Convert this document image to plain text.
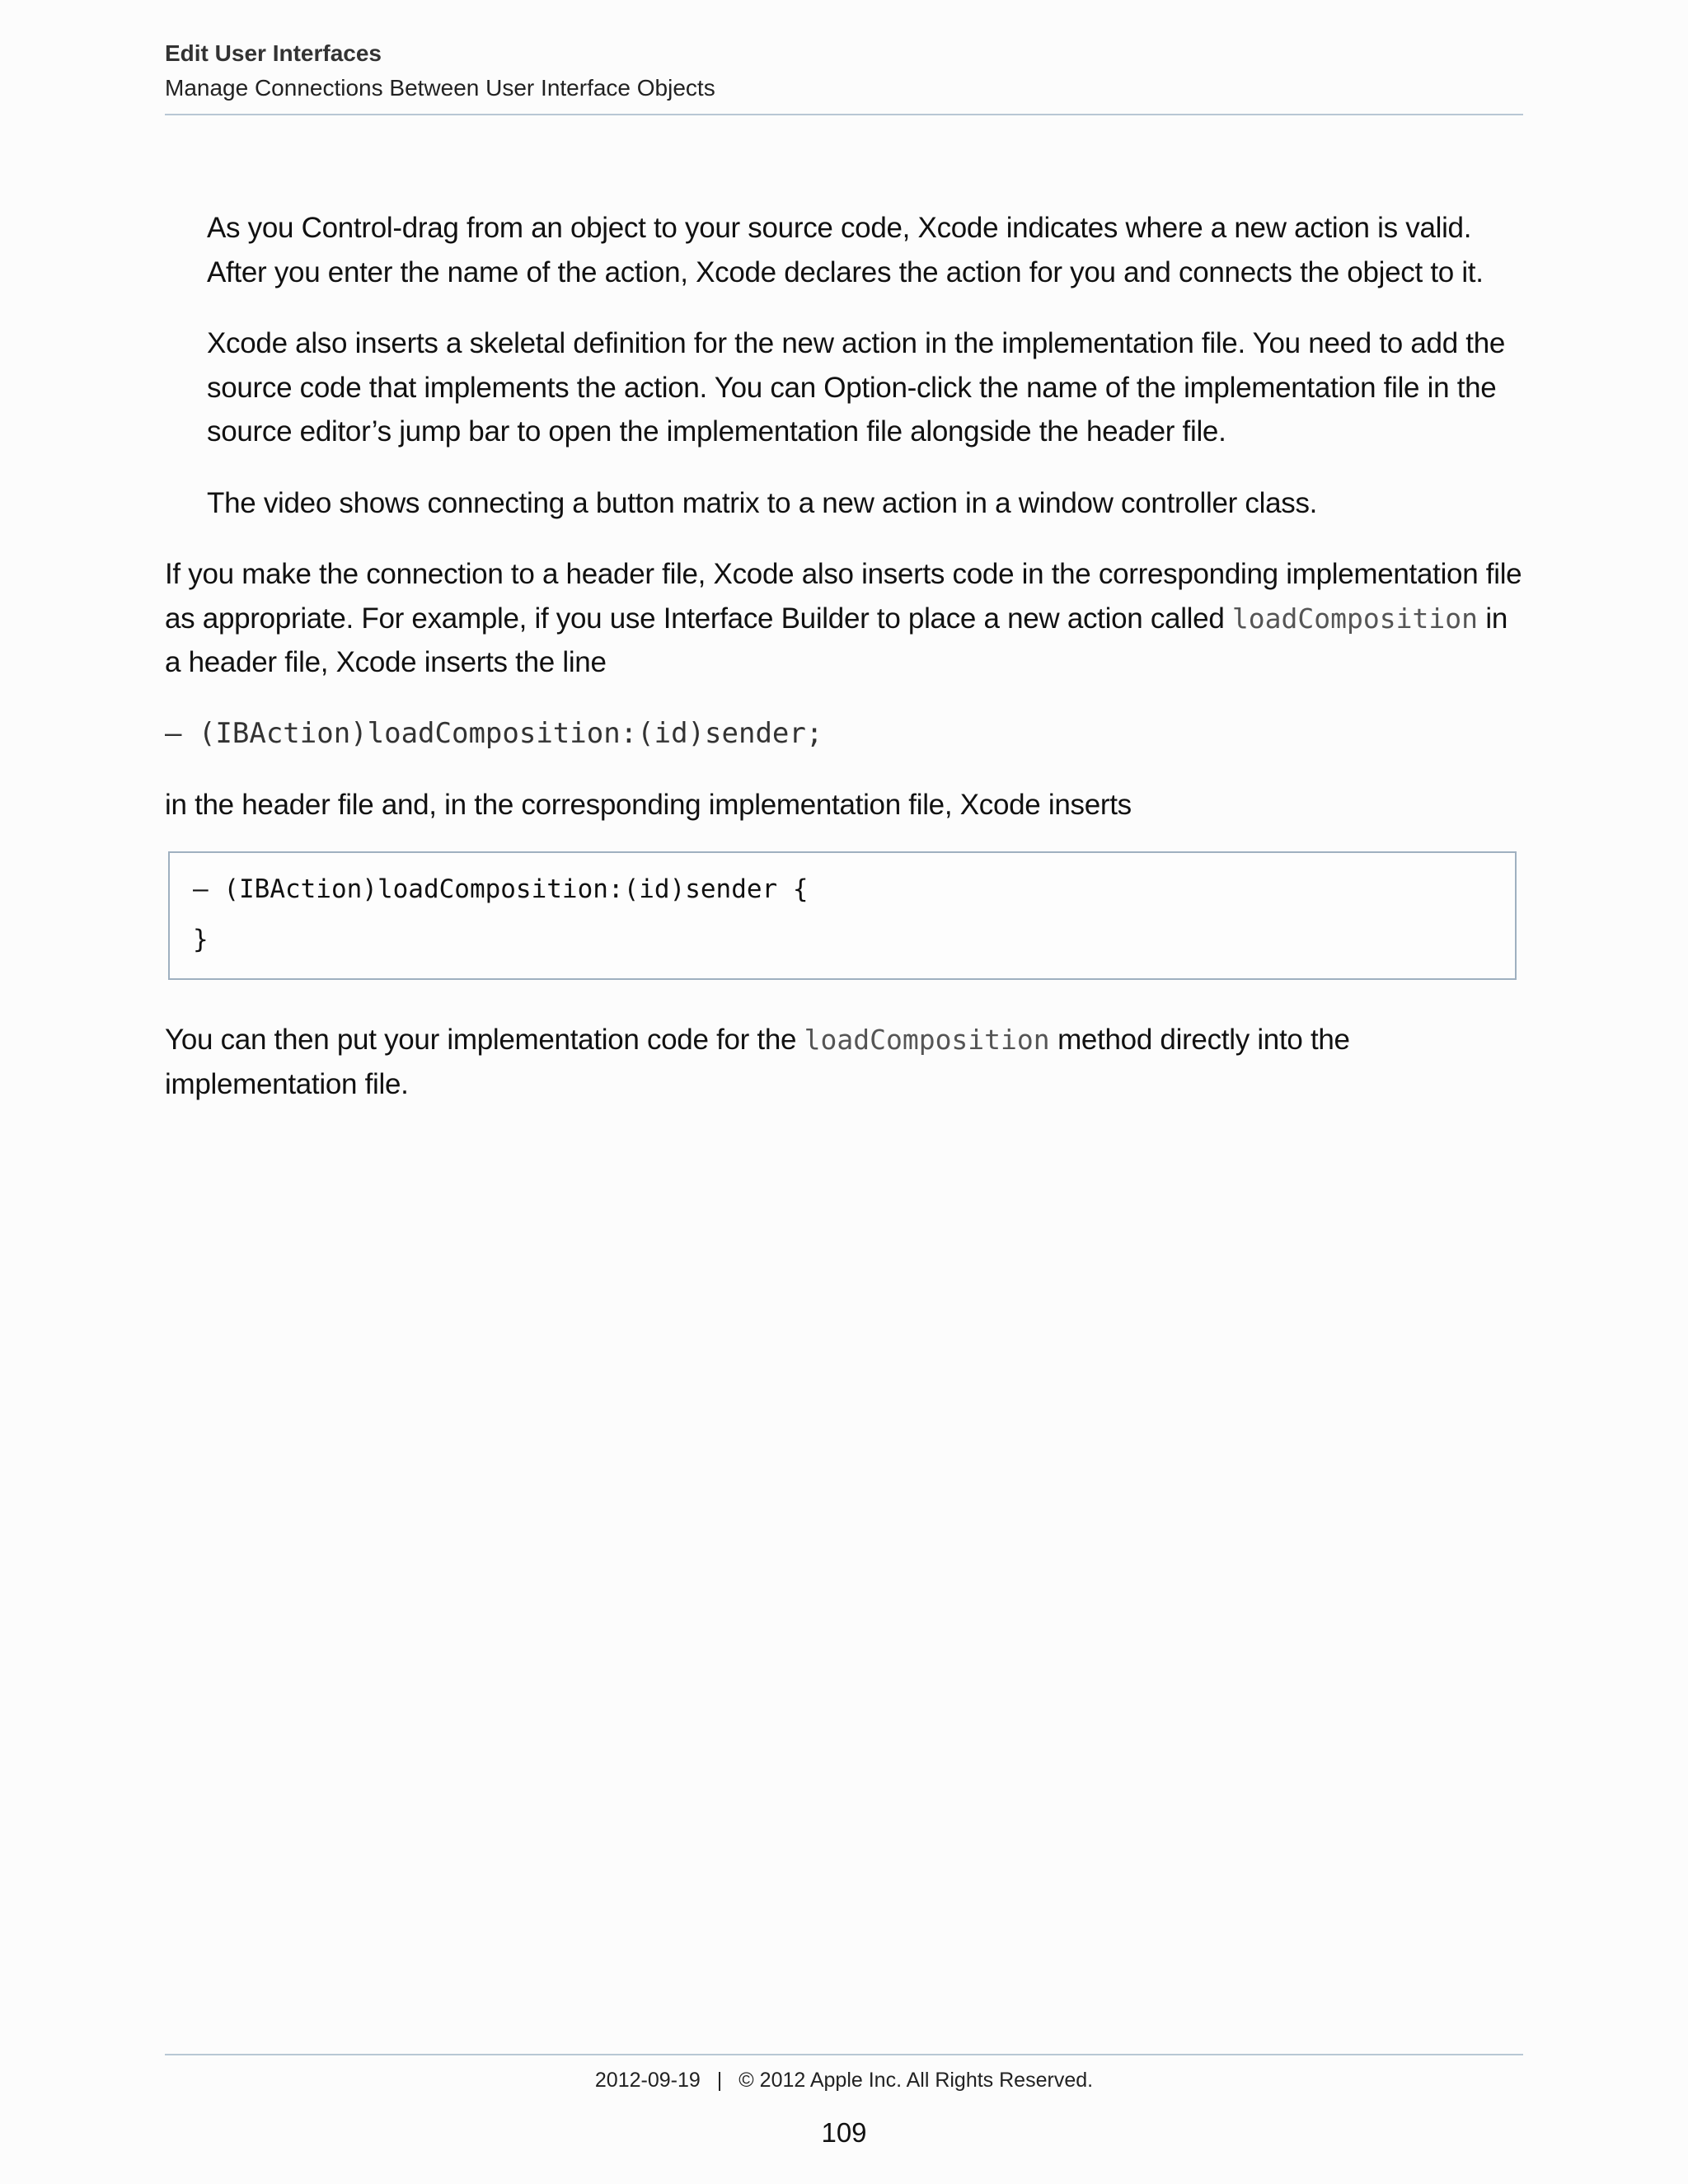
Edit User Interfaces
Manage Connections Between User Interface Objects

As you Control-drag from an object to your source code, Xcode indicates where a new action is valid. After you enter the name of the action, Xcode declares the action for you and connects the object to it.

Xcode also inserts a skeletal definition for the new action in the implementation file. You need to add the source code that implements the action. You can Option-click the name of the implementation file in the source editor’s jump bar to open the implementation file alongside the header file.

The video shows connecting a button matrix to a new action in a window controller class.

If you make the connection to a header file, Xcode also inserts code in the corresponding implementation file as appropriate. For example, if you use Interface Builder to place a new action called loadComposition in a header file, Xcode inserts the line

– (IBAction)loadComposition:(id)sender;

in the header file and, in the corresponding implementation file, Xcode inserts

– (IBAction)loadComposition:(id)sender {
}

You can then put your implementation code for the loadComposition method directly into the implementation file.

2012-09-19 | © 2012 Apple Inc. All Rights Reserved.
109
